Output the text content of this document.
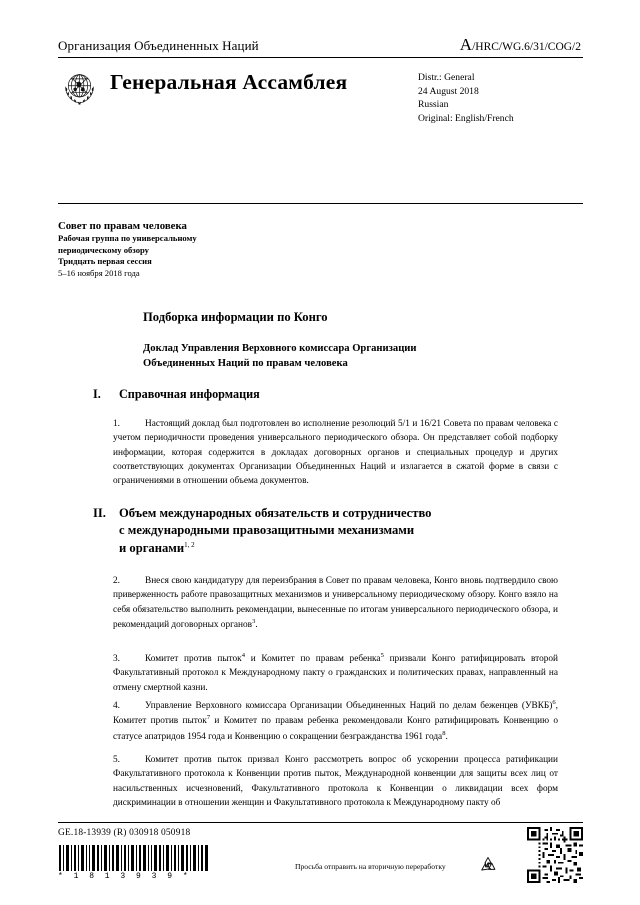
Организация Объединенных Наций	A/HRC/WG.6/31/COG/2
Генеральная Ассамблея	Distr.: General
24 August 2018
Russian
Original: English/French
Совет по правам человека
Рабочая группа по универсальному
периодическому обзору
Тридцать первая сессия
5–16 ноября 2018 года
Подборка информации по Конго
Доклад Управления Верховного комиссара Организации
Объединенных Наций по правам человека
I.	Справочная информация
1.	Настоящий доклад был подготовлен во исполнение резолюций 5/1 и 16/21 Совета по правам человека с учетом периодичности проведения универсального периодического обзора. Он представляет собой подборку информации, которая содержится в докладах договорных органов и специальных процедур и других соответствующих документах Организации Объединенных Наций и излагается в сжатой форме в связи с ограничениями в отношении объема документов.
II.	Объем международных обязательств и сотрудничество
с международными правозащитными механизмами
и органами$^{1, 2}$
2.	Внеся свою кандидатуру для переизбрания в Совет по правам человека, Конго вновь подтвердило свою приверженность работе правозащитных механизмов и универсальному периодическому обзору. Конго взяло на себя обязательство выполнить рекомендации, вынесенные по итогам универсального периодического обзора, и рекомендаций договорных органов$^3$.
3.	Комитет против пыток$^4$ и Комитет по правам ребенка$^5$ призвали Конго ратифицировать второй Факультативный протокол к Международному пакту о гражданских и политических правах, направленный на отмену смертной казни.
4.	Управление Верховного комиссара Организации Объединенных Наций по делам беженцев (УВКБ)$^6$, Комитет против пыток$^7$ и Комитет по правам ребенка рекомендовали Конго ратифицировать Конвенцию о статусе апатридов 1954 года и Конвенцию о сокращении безгражданства 1961 года$^8$.
5.	Комитет против пыток призвал Конго рассмотреть вопрос об ускорении процесса ратификации Факультативного протокола к Конвенции против пыток, Международной конвенции для защиты всех лиц от насильственных исчезновений, Факультативного протокола к Конвенции о ликвидации всех форм дискриминации в отношении женщин и Факультативного протокола к Международному пакту об
GE.18-13939 (R) 030918 050918
* 1 8 1 3 9 3 9 *
Просьба отправить на вторичную переработку
